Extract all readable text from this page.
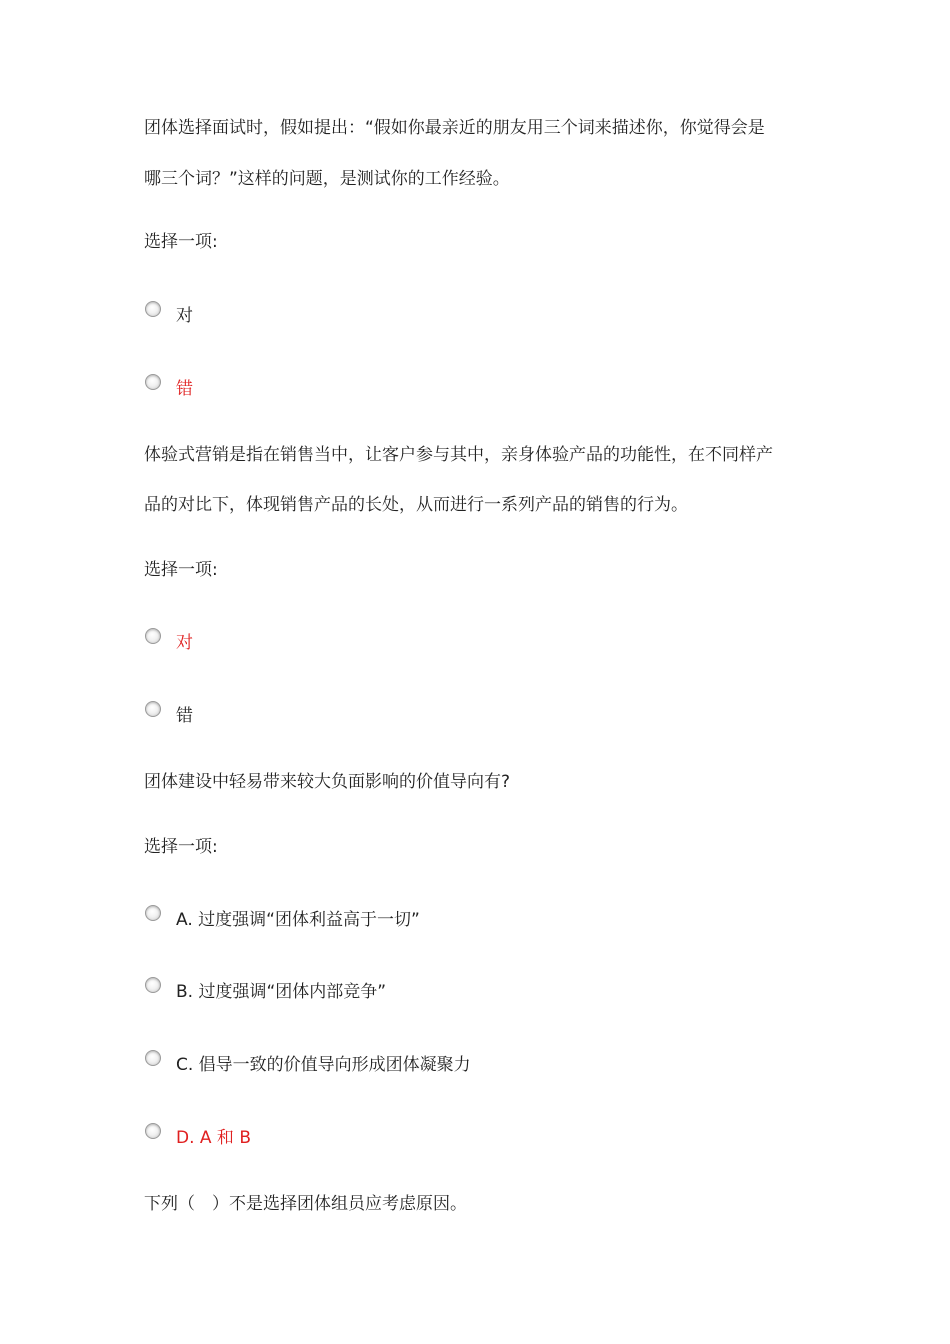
团体选择面试时，假如提出：“假如你最亲近的朋友用三个词来描述你，你觉得会是
哪三个词？”这样的问题，是测试你的工作经验。
选择一项:
对
错
体验式营销是指在销售当中，让客户参与其中，亲身体验产品的功能性，在不同样产
品的对比下，体现销售产品的长处，从而进行一系列产品的销售的行为。
选择一项:
对
错
团体建设中轻易带来较大负面影响的价值导向有?
选择一项:
A. 过度强调“团体利益高于一切”
B. 过度强调“团体内部竞争”
C. 倡导一致的价值导向形成团体凝聚力
D. A 和 B
下列（　）不是选择团体组员应考虑原因。
